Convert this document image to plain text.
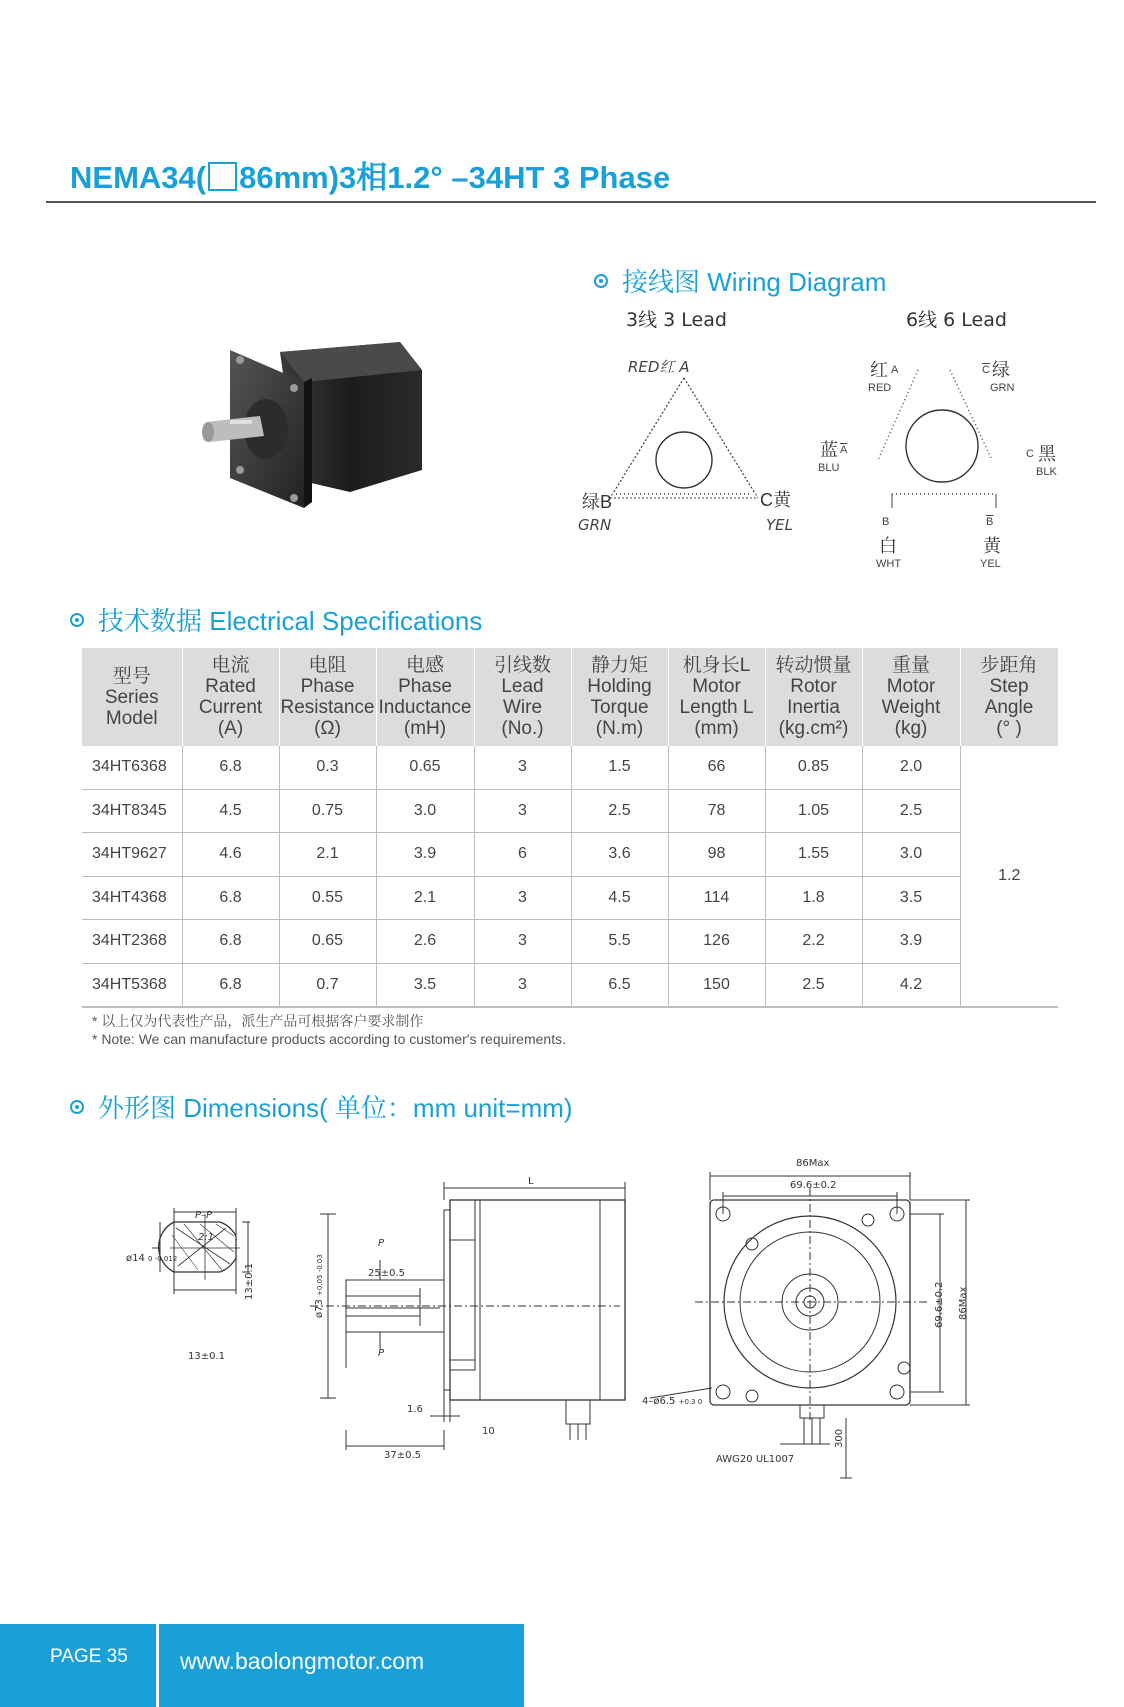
NEMA34( 86mm)3相1.2° –34HT 3 Phase
接线图 Wiring Diagram
3线 3 Lead	6线 6 Lead
RED红 A
绿B
GRN
C黄
YEL
红 A
RED
$\overline{C}$ 绿
GRN
蓝 $\overline{A}$
BLU
C 黑
BLK
B
白
WHT
$\overline{B}$
黄
YEL
技术数据 Electrical Specifications
型号
Series
Model	电流
Rated
Current
(A)	电阻
Phase
Resistance
(Ω)	电感
Phase
Inductance
(mH)	引线数
Lead
Wire
(No.)	静力矩
Holding
Torque
(N.m)	机身长L
Motor
Length L
(mm)	转动惯量
Rotor
Inertia
(kg.cm²)	重量
Motor
Weight
(kg)	步距角
Step
Angle
(° )

34HT6368	6.8	0.3	0.65	3	1.5	66	0.85	2.0	1.2
34HT8345	4.5	0.75	3.0	3	2.5	78	1.05	2.5	
34HT9627	4.6	2.1	3.9	6	3.6	98	1.55	3.0	
34HT4368	6.8	0.55	2.1	3	4.5	114	1.8	3.5	
34HT2368	6.8	0.65	2.6	3	5.5	126	2.2	3.9	
34HT5368	6.8	0.7	3.5	3	6.5	150	2.5	4.2	
* 以上仅为代表性产品，派生产品可根据客户要求制作
* Note: We can manufacture products according to customer's requirements.
外形图 Dimensions( 单位：mm unit=mm)
P–P
2:1
ø14 0 -0.012
13±0.1
13±0.1
P
P
25±0.5
ø73 +0.05 -0.03
L
1.6
10
37±0.5
86Max
69.6±0.2
69.6±0.2 86Max
4–ø6.5 +0.3 0
AWG20 UL1007
300
PAGE 35 www.baolongmotor.com
